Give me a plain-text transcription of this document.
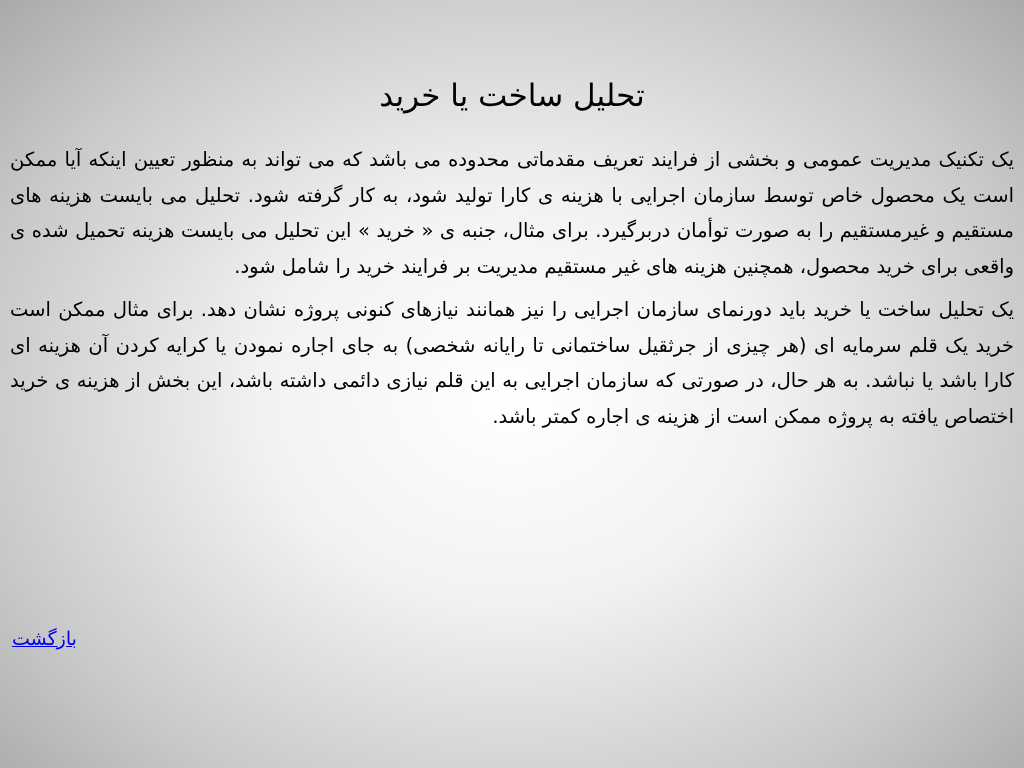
تحلیل ساخت یا خرید

یک تکنیک مدیریت عمومی و بخشی از فرایند تعریف مقدماتی محدوده می باشد که می تواند به منظور تعیین اینکه آیا ممکن است یک محصول خاص توسط سازمان اجرایی با هزینه ی کارا تولید شود، به کار گرفته شود. تحلیل می بایست هزینه های مستقیم و غیرمستقیم را به صورت توأمان دربرگیرد. برای مثال، جنبه ی « خرید » این تحلیل می بایست هزینه تحمیل شده ی واقعی برای خرید محصول، همچنین هزینه های غیر مستقیم مدیریت بر فرایند خرید را شامل شود.

یک تحلیل ساخت یا خرید باید دورنمای سازمان اجرایی را نیز همانند نیازهای کنونی پروژه نشان دهد. برای مثال ممکن است خرید یک قلم سرمایه ای (هر چیزی از جرثقیل ساختمانی تا رایانه شخصی) به جای اجاره نمودن یا کرایه کردن آن هزینه ای کارا باشد یا نباشد. به هر حال، در صورتی که سازمان اجرایی به این قلم نیازی دائمی داشته باشد، این بخش از هزینه ی خرید اختصاص یافته به پروژه ممکن است از هزینه ی اجاره کمتر باشد.

بازگشت
